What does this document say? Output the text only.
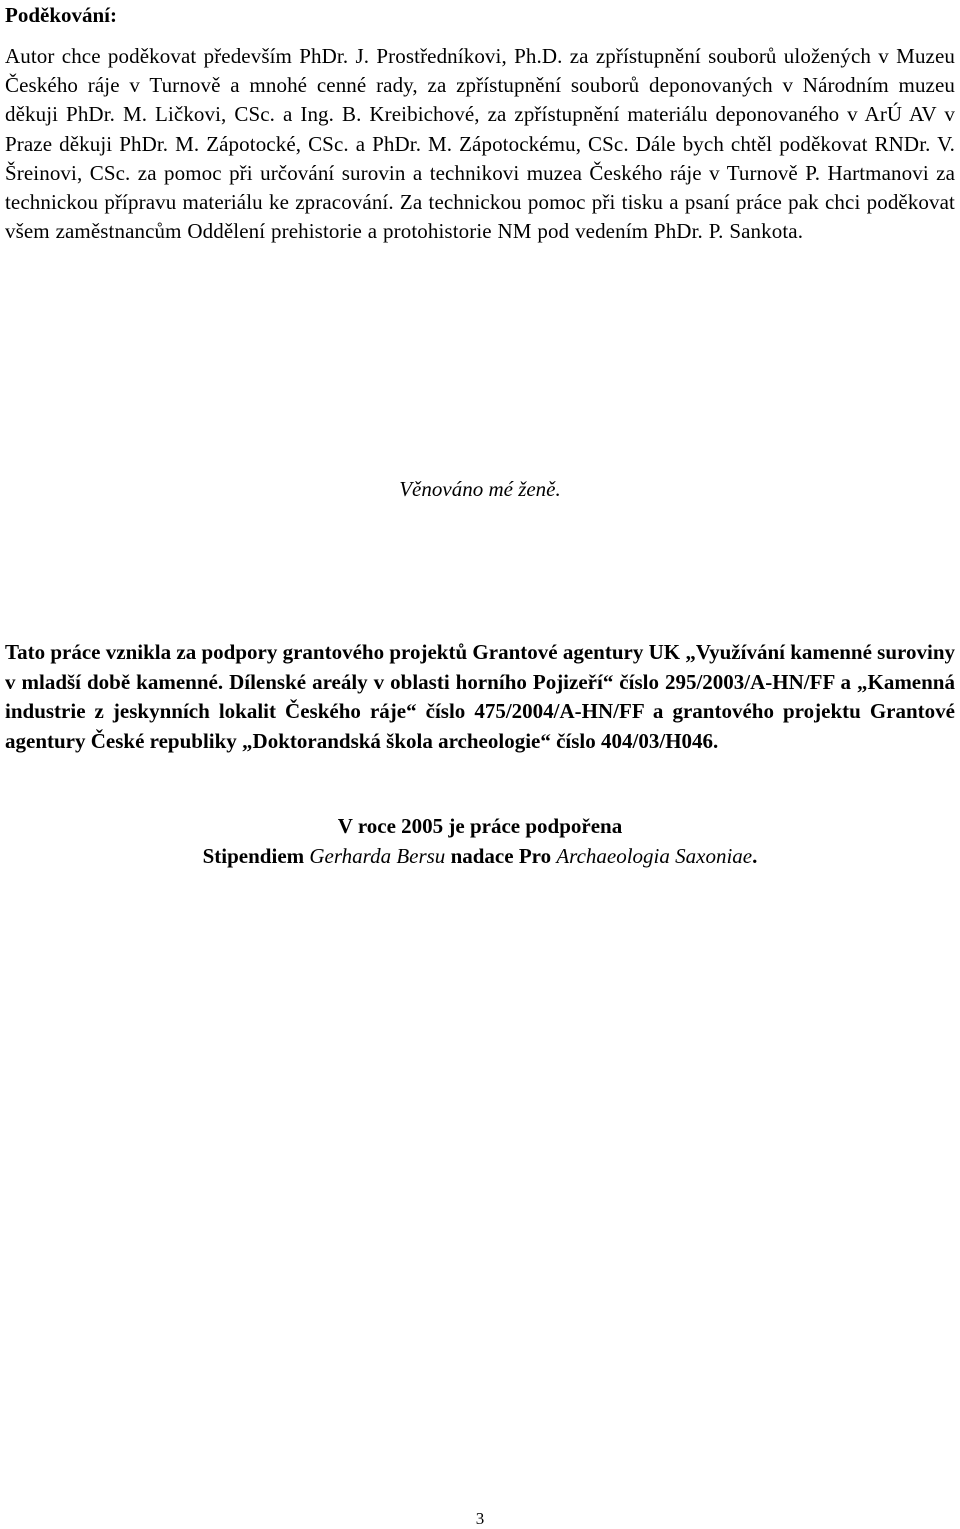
Poděkování:

Autor chce poděkovat především PhDr. J. Prostředníkovi, Ph.D. za zpřístupnění souborů uložených v Muzeu Českého ráje v Turnově a mnohé cenné rady, za zpřístupnění souborů deponovaných v Národním muzeu děkuji PhDr. M. Ličkovi, CSc. a Ing. B. Kreibichové, za zpřístupnění materiálu deponovaného v ArÚ AV v Praze děkuji PhDr. M. Zápotocké, CSc. a PhDr. M. Zápotockému, CSc. Dále bych chtěl poděkovat RNDr. V. Šreinovi, CSc. za pomoc při určování surovin a technikovi muzea Českého ráje v Turnově P. Hartmanovi za technickou přípravu materiálu ke zpracování. Za technickou pomoc při tisku a psaní práce pak chci poděkovat všem zaměstnancům Oddělení prehistorie a protohistorie NM pod vedením PhDr. P. Sankota.

Věnováno mé ženě.

Tato práce vznikla za podpory grantového projektů Grantové agentury UK „Využívání kamenné suroviny v mladší době kamenné. Dílenské areály v oblasti horního Pojizeří“ číslo 295/2003/A-HN/FF a „Kamenná industrie z jeskynních lokalit Českého ráje“ číslo 475/2004/A-HN/FF a grantového projektu Grantové agentury České republiky „Doktorandská škola archeologie“ číslo 404/03/H046.

V roce 2005 je práce podpořena
Stipendiem Gerharda Bersu nadace Pro Archaeologia Saxoniae.

3
